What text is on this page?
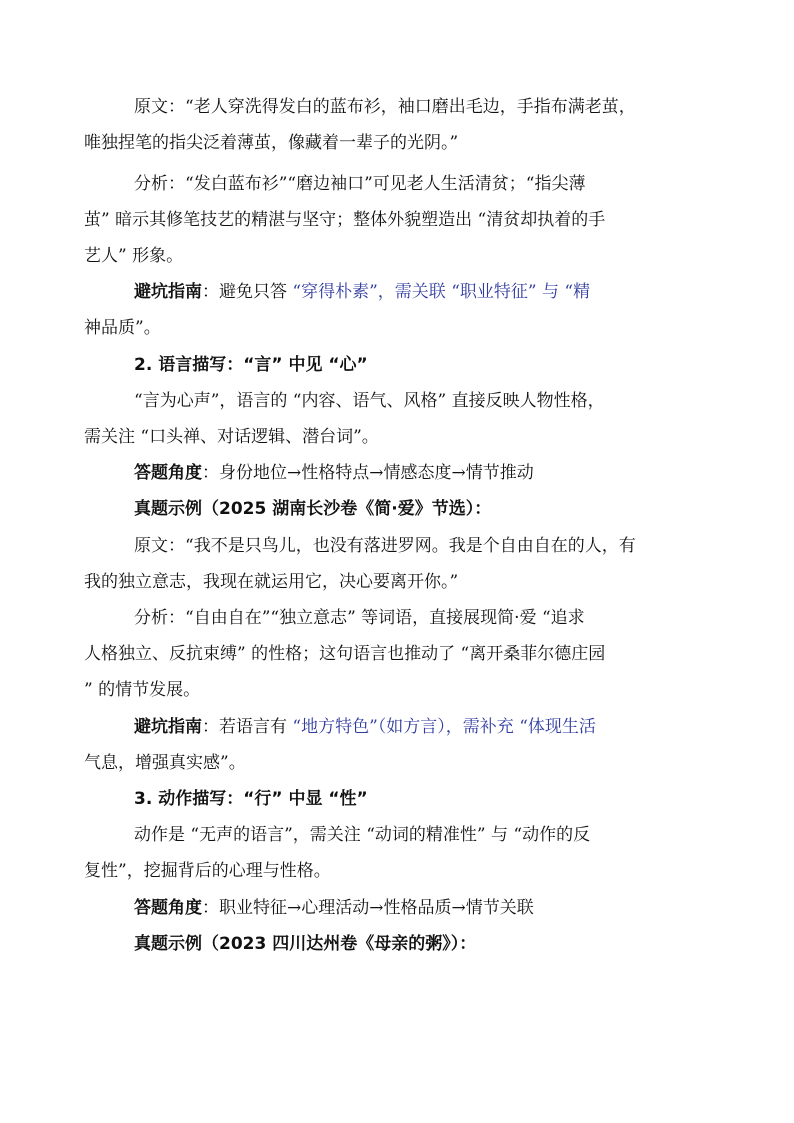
原文：“老人穿洗得发白的蓝布衫，袖口磨出毛边，手指布满老茧，
唯独捏笔的指尖泛着薄茧，像藏着一辈子的光阴。”
分析：“发白蓝布衫”“磨边袖口”可见老人生活清贫；“指尖薄
茧” 暗示其修笔技艺的精湛与坚守；整体外貌塑造出 “清贫却执着的手
艺人” 形象。
避坑指南：避免只答 “穿得朴素”，需关联 “职业特征” 与 “精
神品质”。
2. 语言描写：“言” 中见 “心”
“言为心声”，语言的 “内容、语气、风格” 直接反映人物性格，
需关注 “口头禅、对话逻辑、潜台词”。
答题角度：身份地位→性格特点→情感态度→情节推动
真题示例（2025 湖南长沙卷《简·爱》节选）：
原文：“我不是只鸟儿，也没有落进罗网。我是个自由自在的人，有
我的独立意志，我现在就运用它，决心要离开你。”
分析：“自由自在”“独立意志” 等词语，直接展现简·爱 “追求
人格独立、反抗束缚” 的性格；这句语言也推动了 “离开桑菲尔德庄园
” 的情节发展。
避坑指南：若语言有 “地方特色”（如方言），需补充 “体现生活
气息，增强真实感”。
3. 动作描写：“行” 中显 “性”
动作是 “无声的语言”，需关注 “动词的精准性” 与 “动作的反
复性”，挖掘背后的心理与性格。
答题角度：职业特征→心理活动→性格品质→情节关联
真题示例（2023 四川达州卷《母亲的粥》）：
